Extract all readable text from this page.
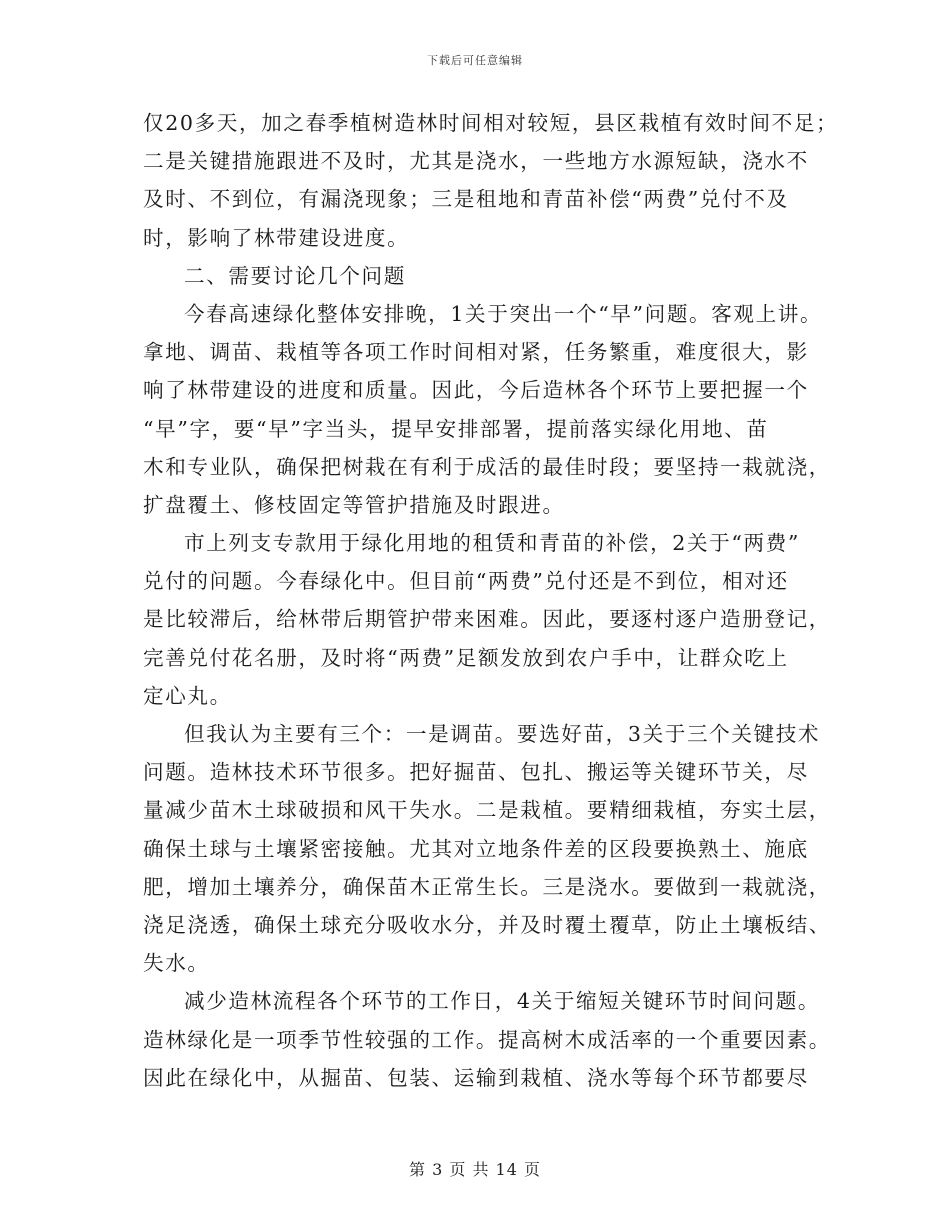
下载后可任意编辑
仅20多天，加之春季植树造林时间相对较短，县区栽植有效时间不足；
二是关键措施跟进不及时，尤其是浇水，一些地方水源短缺，浇水不
及时、不到位，有漏浇现象；三是租地和青苗补偿“两费”兑付不及
时，影响了林带建设进度。
二、需要讨论几个问题
今春高速绿化整体安排晚，1关于突出一个“早”问题。客观上讲。
拿地、调苗、栽植等各项工作时间相对紧，任务繁重，难度很大，影
响了林带建设的进度和质量。因此，今后造林各个环节上要把握一个
“早”字，要“早”字当头，提早安排部署，提前落实绿化用地、苗
木和专业队，确保把树栽在有利于成活的最佳时段；要坚持一栽就浇，
扩盘覆土、修枝固定等管护措施及时跟进。
市上列支专款用于绿化用地的租赁和青苗的补偿，2关于“两费”
兑付的问题。今春绿化中。但目前“两费”兑付还是不到位，相对还
是比较滞后，给林带后期管护带来困难。因此，要逐村逐户造册登记，
完善兑付花名册，及时将“两费”足额发放到农户手中，让群众吃上
定心丸。
但我认为主要有三个：一是调苗。要选好苗，3关于三个关键技术
问题。造林技术环节很多。把好掘苗、包扎、搬运等关键环节关，尽
量减少苗木土球破损和风干失水。二是栽植。要精细栽植，夯实土层，
确保土球与土壤紧密接触。尤其对立地条件差的区段要换熟土、施底
肥，增加土壤养分，确保苗木正常生长。三是浇水。要做到一栽就浇，
浇足浇透，确保土球充分吸收水分，并及时覆土覆草，防止土壤板结、
失水。
减少造林流程各个环节的工作日，4关于缩短关键环节时间问题。
造林绿化是一项季节性较强的工作。提高树木成活率的一个重要因素。
因此在绿化中，从掘苗、包装、运输到栽植、浇水等每个环节都要尽
第 3 页 共 14 页
